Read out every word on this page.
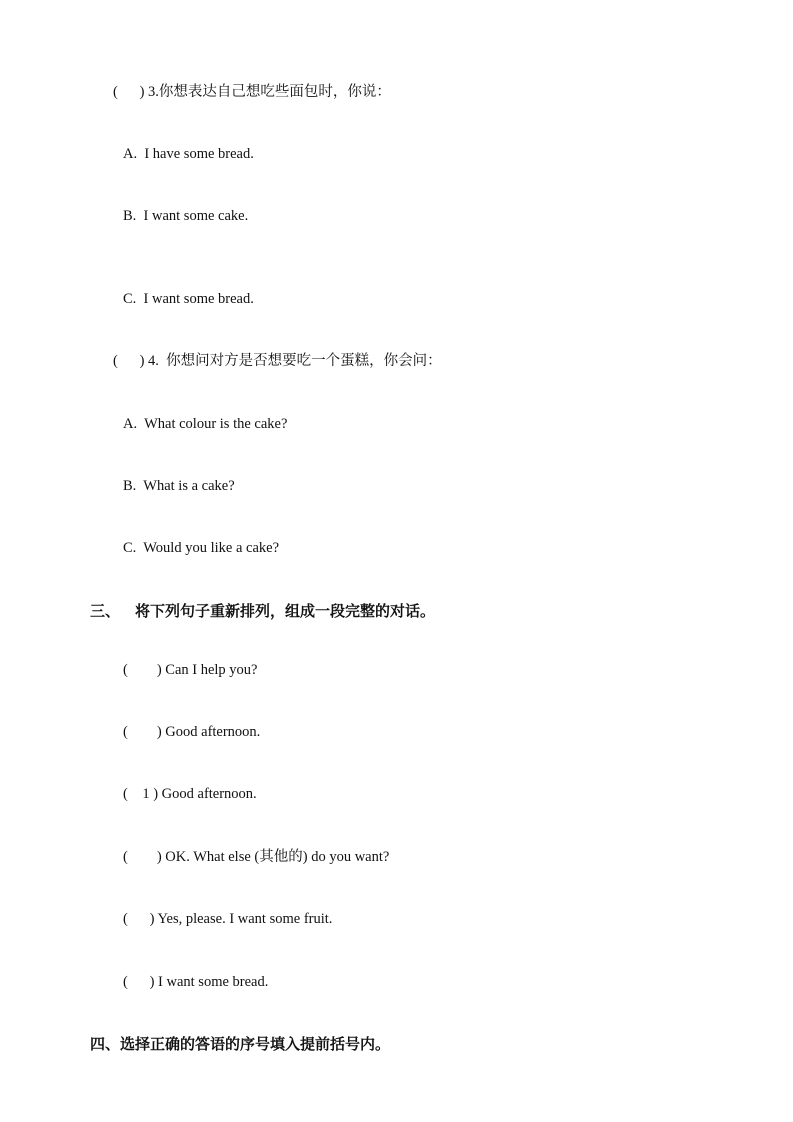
(      ) 3.你想表达自己想吃些面包时，你说：
A.  I have some bread.
B.  I want some cake.
C.  I want some bread.
(      ) 4.  你想问对方是否想要吃一个蛋糕，你会问：
A.  What colour is the cake?
B.  What is a cake?
C.  Would you like a cake?
三、    将下列句子重新排列，组成一段完整的对话。
(        ) Can I help you?
(        ) Good afternoon.
(    1 ) Good afternoon.
(        ) OK. What else (其他的) do you want?
(      ) Yes, please. I want some fruit.
(      ) I want some bread.
四、选择正确的答语的序号填入提前括号内。
